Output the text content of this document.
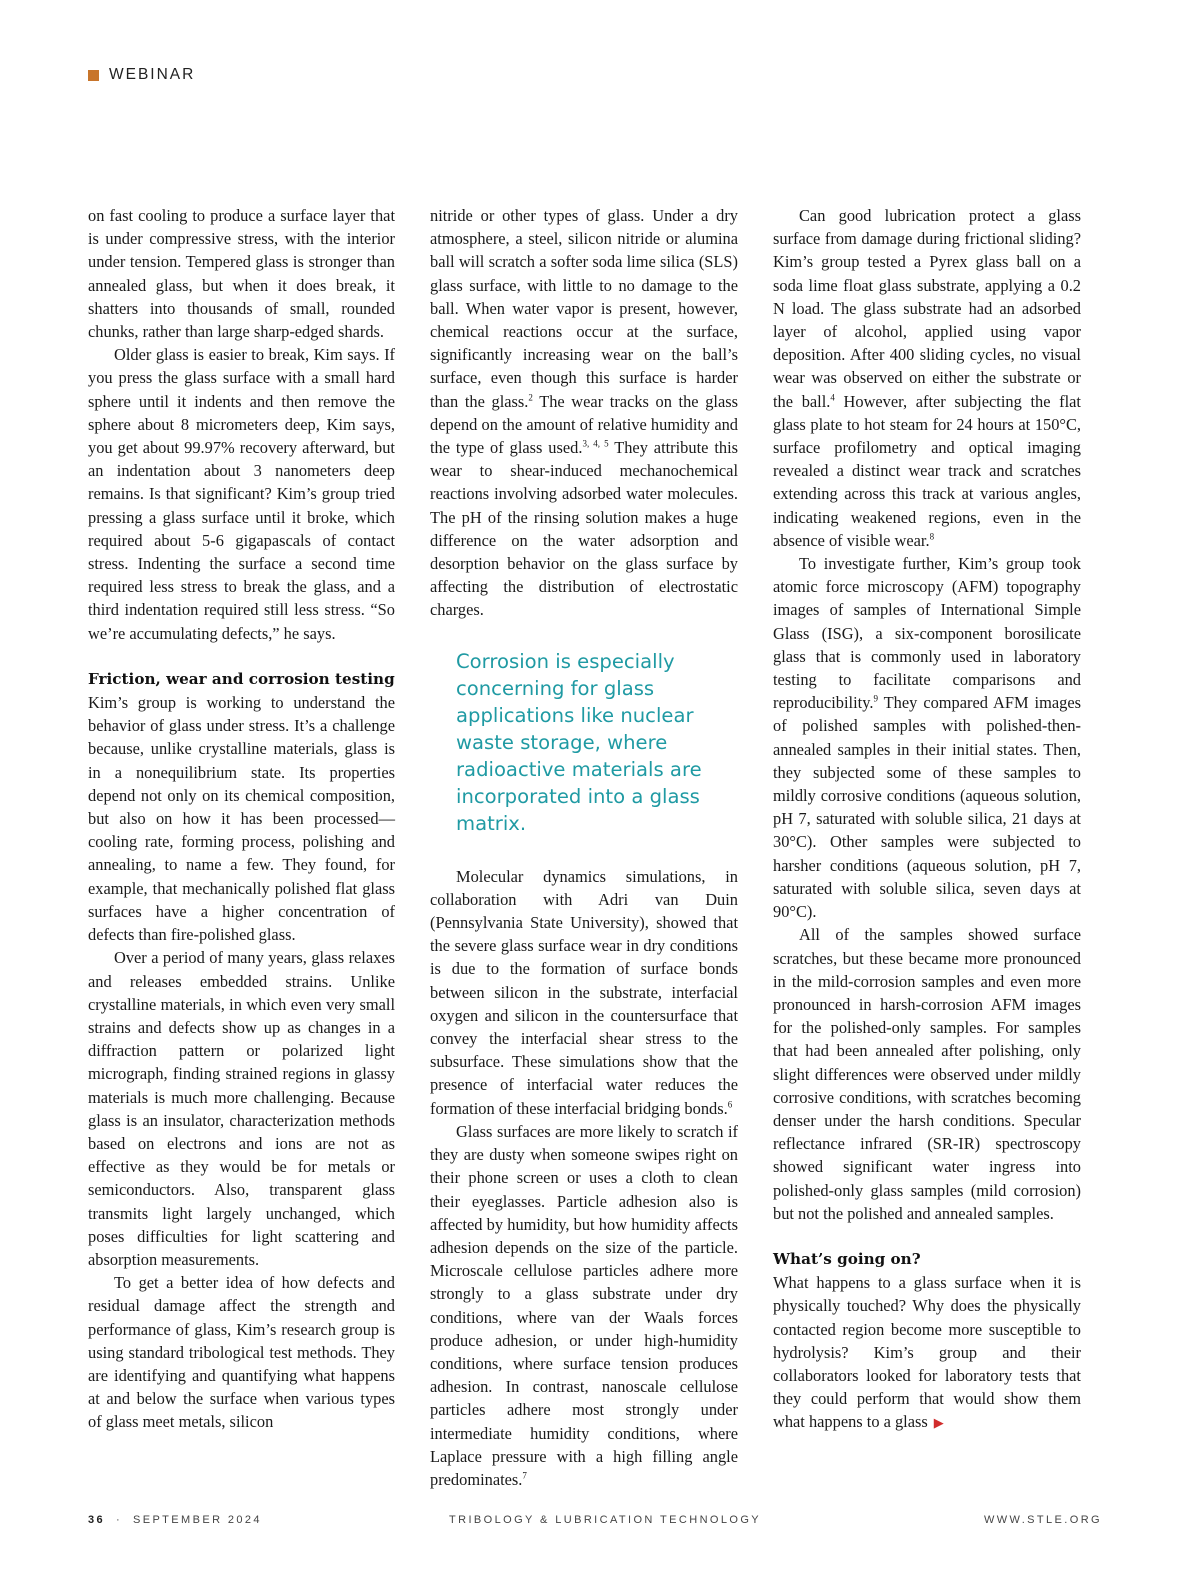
WEBINAR

on fast cooling to produce a surface layer that is under compressive stress, with the interior under tension. Tempered glass is stronger than annealed glass, but when it does break, it shatters into thousands of small, rounded chunks, rather than large sharp-edged shards.

Older glass is easier to break, Kim says. If you press the glass surface with a small hard sphere until it indents and then remove the sphere about 8 micrometers deep, Kim says, you get about 99.97% recovery afterward, but an indentation about 3 nanometers deep remains. Is that significant? Kim’s group tried pressing a glass surface until it broke, which required about 5-6 gigapascals of contact stress. Indenting the surface a second time required less stress to break the glass, and a third indentation required still less stress. “So we’re accumulating defects,” he says.

Friction, wear and corrosion testing

Kim’s group is working to understand the behavior of glass under stress. It’s a challenge because, unlike crystalline materials, glass is in a nonequilibrium state. Its properties depend not only on its chemical composition, but also on how it has been processed—cooling rate, forming process, polishing and annealing, to name a few. They found, for example, that mechanically polished flat glass surfaces have a higher concentration of defects than fire-polished glass.

Over a period of many years, glass relaxes and releases embedded strains. Unlike crystalline materials, in which even very small strains and defects show up as changes in a diffraction pattern or polarized light micrograph, finding strained regions in glassy materials is much more challenging. Because glass is an insulator, characterization methods based on electrons and ions are not as effective as they would be for metals or semiconductors. Also, transparent glass transmits light largely unchanged, which poses difficulties for light scattering and absorption measurements.

To get a better idea of how defects and residual damage affect the strength and performance of glass, Kim’s research group is using standard tribological test methods. They are identifying and quantifying what happens at and below the surface when various types of glass meet metals, silicon

nitride or other types of glass. Under a dry atmosphere, a steel, silicon nitride or alumina ball will scratch a softer soda lime silica (SLS) glass surface, with little to no damage to the ball. When water vapor is present, however, chemical reactions occur at the surface, significantly increasing wear on the ball’s surface, even though this surface is harder than the glass.$^2$ The wear tracks on the glass depend on the amount of relative humidity and the type of glass used.$^{3, 4, 5}$ They attribute this wear to shear-induced mechanochemical reactions involving adsorbed water molecules. The pH of the rinsing solution makes a huge difference on the water adsorption and desorption behavior on the glass surface by affecting the distribution of electrostatic charges.

Corrosion is especially concerning for glass applications like nuclear waste storage, where radioactive materials are incorporated into a glass matrix.

Molecular dynamics simulations, in collaboration with Adri van Duin (Pennsylvania State University), showed that the severe glass surface wear in dry conditions is due to the formation of surface bonds between silicon in the substrate, interfacial oxygen and silicon in the countersurface that convey the interfacial shear stress to the subsurface. These simulations show that the presence of interfacial water reduces the formation of these interfacial bridging bonds.$^6$

Glass surfaces are more likely to scratch if they are dusty when someone swipes right on their phone screen or uses a cloth to clean their eyeglasses. Particle adhesion also is affected by humidity, but how humidity affects adhesion depends on the size of the particle. Microscale cellulose particles adhere more strongly to a glass substrate under dry conditions, where van der Waals forces produce adhesion, or under high-humidity conditions, where surface tension produces adhesion. In contrast, nanoscale cellulose particles adhere most strongly under intermediate humidity conditions, where Laplace pressure with a high filling angle predominates.$^7$

Can good lubrication protect a glass surface from damage during frictional sliding? Kim’s group tested a Pyrex glass ball on a soda lime float glass substrate, applying a 0.2 N load. The glass substrate had an adsorbed layer of alcohol, applied using vapor deposition. After 400 sliding cycles, no visual wear was observed on either the substrate or the ball.$^4$ However, after subjecting the flat glass plate to hot steam for 24 hours at 150°C, surface profilometry and optical imaging revealed a distinct wear track and scratches extending across this track at various angles, indicating weakened regions, even in the absence of visible wear.$^8$

To investigate further, Kim’s group took atomic force microscopy (AFM) topography images of samples of International Simple Glass (ISG), a six-component borosilicate glass that is commonly used in laboratory testing to facilitate comparisons and reproducibility.$^9$ They compared AFM images of polished samples with polished-then-annealed samples in their initial states. Then, they subjected some of these samples to mildly corrosive conditions (aqueous solution, pH 7, saturated with soluble silica, 21 days at 30°C). Other samples were subjected to harsher conditions (aqueous solution, pH 7, saturated with soluble silica, seven days at 90°C).

All of the samples showed surface scratches, but these became more pronounced in the mild-corrosion samples and even more pronounced in harsh-corrosion AFM images for the polished-only samples. For samples that had been annealed after polishing, only slight differences were observed under mildly corrosive conditions, with scratches becoming denser under the harsh conditions. Specular reflectance infrared (SR-IR) spectroscopy showed significant water ingress into polished-only glass samples (mild corrosion) but not the polished and annealed samples.

What’s going on?

What happens to a glass surface when it is physically touched? Why does the physically contacted region become more susceptible to hydrolysis? Kim’s group and their collaborators looked for laboratory tests that they could perform that would show them what happens to a glass ▶

36 · SEPTEMBER 2024	TRIBOLOGY & LUBRICATION TECHNOLOGY	WWW.STLE.ORG
